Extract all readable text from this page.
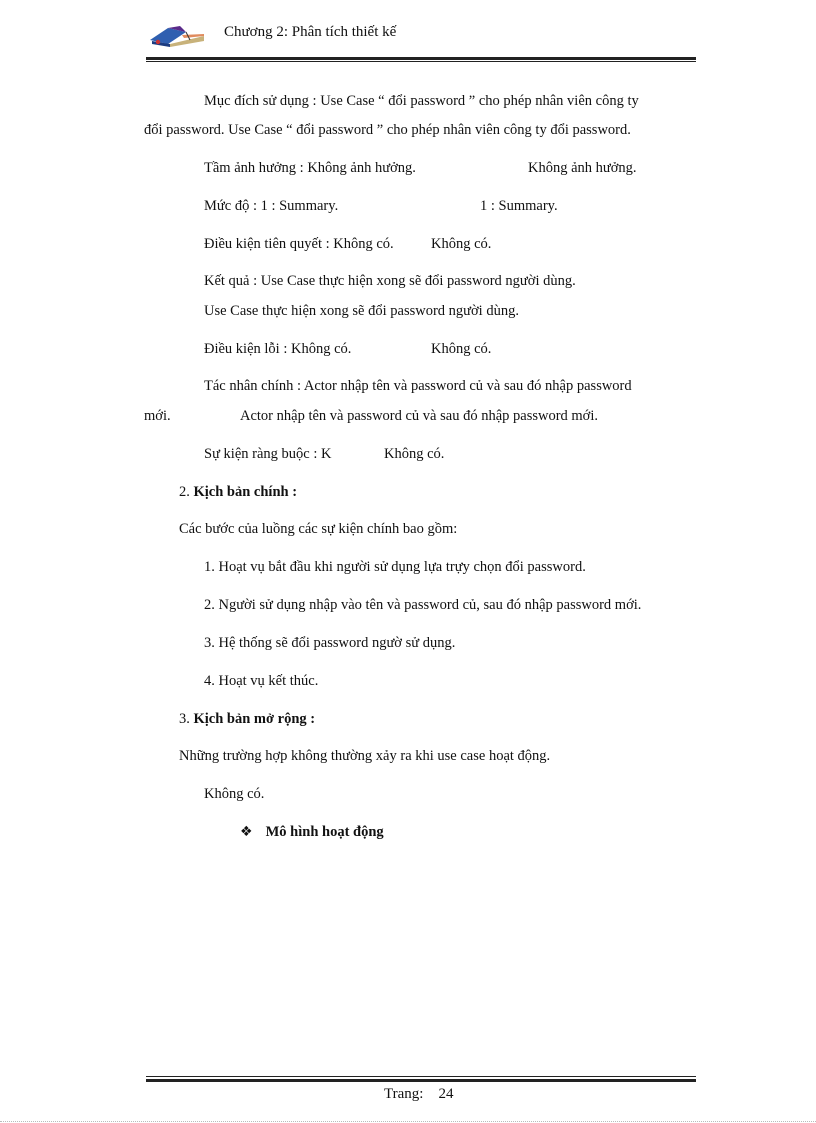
Chương 2: Phân tích thiết kế
Mục đích sử dụng : Use Case “ đổi password ” cho phép nhân viên công ty
đổi password. Use Case “ đổi password ” cho phép nhân viên công ty đổi password.
Tầm ảnh hưởng : Không ảnh hưởng.	Không ảnh hưởng.
Mức độ : 1 : Summary.	1 : Summary.
Điều kiện tiên quyết : Không có.	Không có.
Kết quả : Use Case thực hiện xong sẽ đổi password người dùng.
Use Case thực hiện xong sẽ đổi password người dùng.
Điều kiện lỗi : Không có.	Không có.
Tác nhân chính : Actor nhập tên và password củ và sau đó nhập password
mới.	Actor nhập tên và password củ và sau đó nhập password mới.
Sự kiện ràng buộc : K	Không có.
2. Kịch bản chính :
Các bước của luồng các sự kiện chính bao gồm:
1. Hoạt vụ bắt đầu khi người sử dụng lựa trựy chọn đổi password.
2. Người sử dụng nhập vào tên và password củ, sau đó nhập password mới.
3. Hệ thống sẽ đổi password ngườ sử dụng.
4. Hoạt vụ kết thúc.
3. Kịch bản mở rộng :
Những trường hợp không thường xảy ra khi use case hoạt động.
Không có.
❖ Mô hình hoạt động
Trang: 24
